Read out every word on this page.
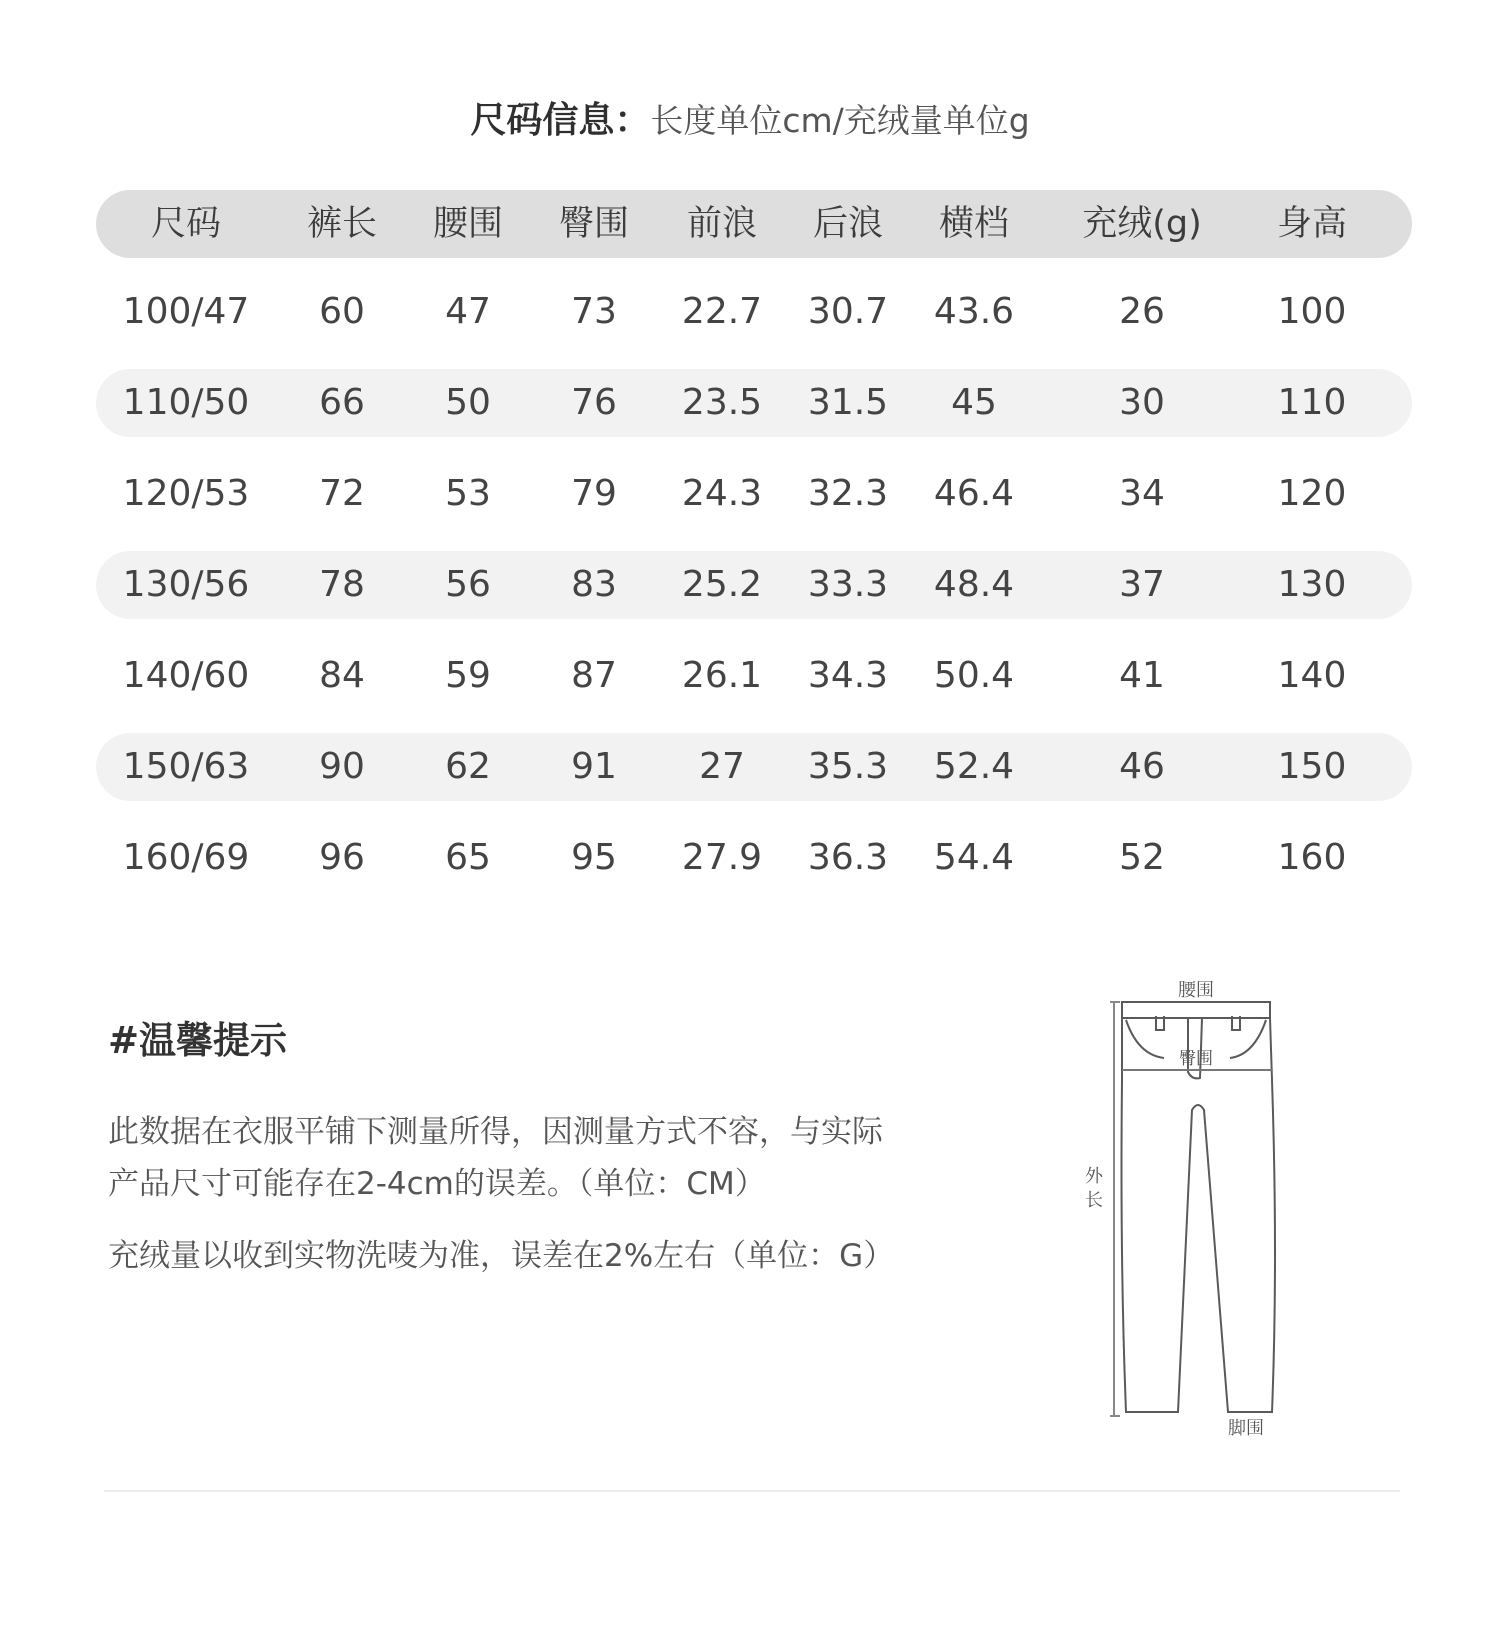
尺码信息：长度单位cm/充绒量单位g
尺码	裤长	腰围	臀围	前浪	后浪	横档	充绒(g)	身高
100/47	60	47	73	22.7	30.7	43.6	26	100
110/50	66	50	76	23.5	31.5	45	30	110
120/53	72	53	79	24.3	32.3	46.4	34	120
130/56	78	56	83	25.2	33.3	48.4	37	130
140/60	84	59	87	26.1	34.3	50.4	41	140
150/63	90	62	91	27	35.3	52.4	46	150
160/69	96	65	95	27.9	36.3	54.4	52	160
#温馨提示
此数据在衣服平铺下测量所得，因测量方式不容，与实际
产品尺寸可能存在2-4cm的误差。（单位：CM）
充绒量以收到实物洗唛为准，误差在2%左右（单位：G）
腰围
臀围
外
长
脚围
